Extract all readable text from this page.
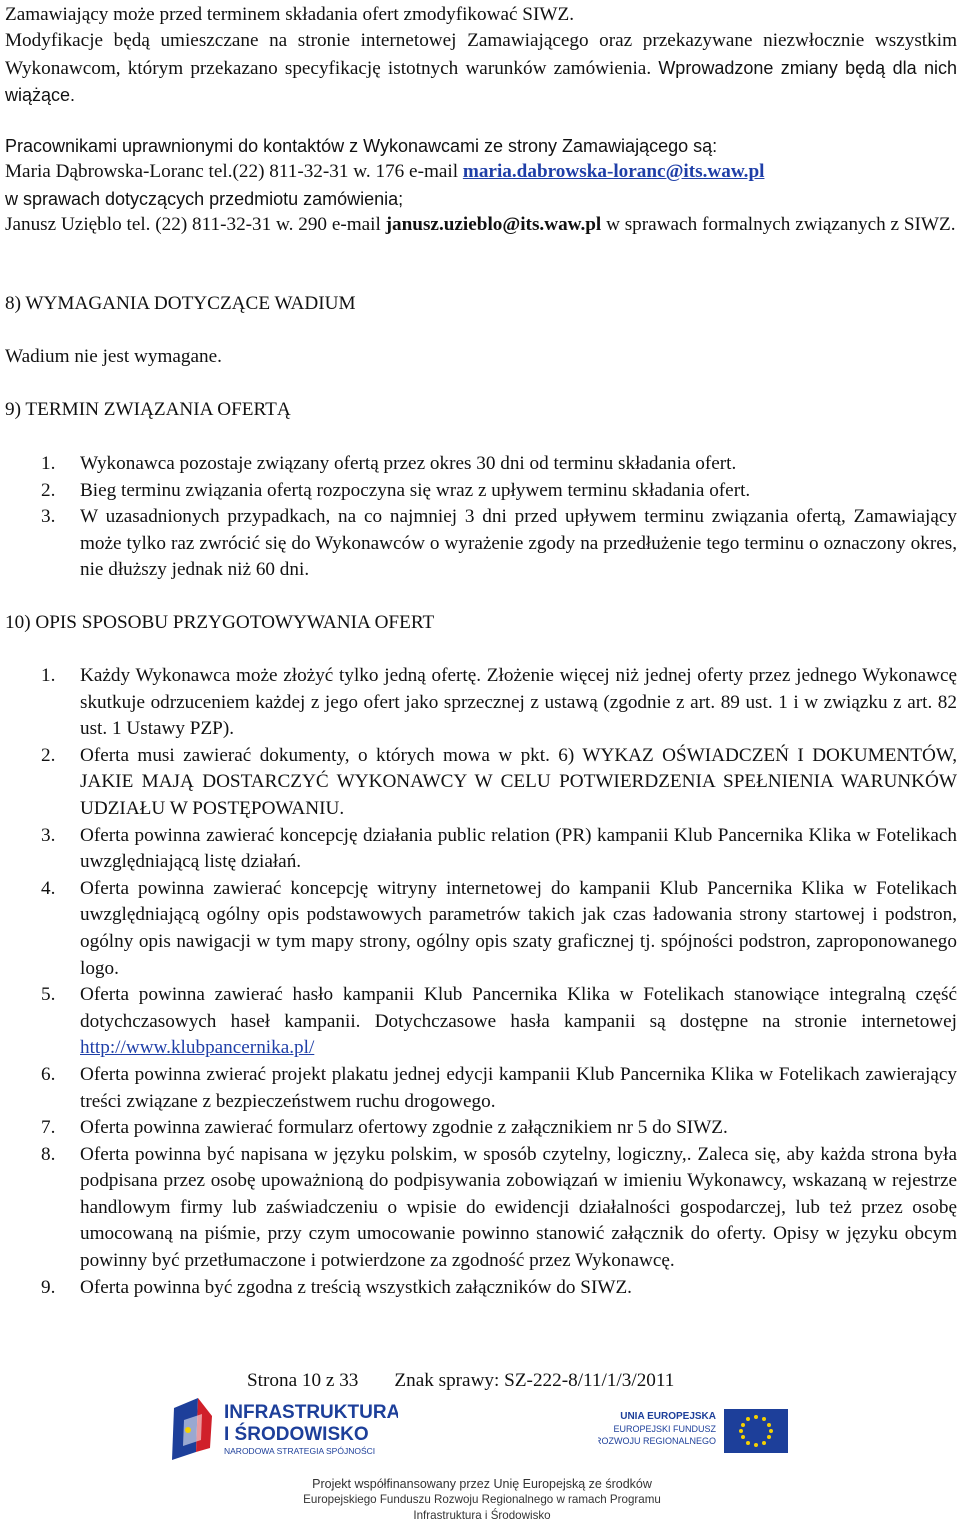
Zamawiający może przed terminem składania ofert zmodyfikować SIWZ.

Modyfikacje będą umieszczane na stronie internetowej Zamawiającego oraz przekazywane niezwłocznie wszystkim Wykonawcom, którym przekazano specyfikację istotnych warunków zamówienia. Wprowadzone zmiany będą dla nich wiążące.

Pracownikami uprawnionymi do kontaktów z Wykonawcami ze strony Zamawiającego są:

Maria Dąbrowska-Loranc tel.(22) 811-32-31 w. 176 e-mail maria.dabrowska-loranc@its.waw.pl

w sprawach dotyczących przedmiotu zamówienia;

Janusz Uzięblo tel. (22) 811-32-31 w. 290 e-mail janusz.uzieblo@its.waw.pl w sprawach formalnych związanych z SIWZ.

8) WYMAGANIA DOTYCZĄCE WADIUM

Wadium nie jest wymagane.

9) TERMIN ZWIĄZANIA OFERTĄ
1. Wykonawca pozostaje związany ofertą przez okres 30 dni od terminu składania ofert.
2. Bieg terminu związania ofertą rozpoczyna się wraz z upływem terminu składania ofert.
3. W uzasadnionych przypadkach, na co najmniej 3 dni przed upływem terminu związania ofertą, Zamawiający może tylko raz zwrócić się do Wykonawców o wyrażenie zgody na przedłużenie tego terminu o oznaczony okres, nie dłuższy jednak niż 60 dni.
10) OPIS SPOSOBU PRZYGOTOWYWANIA OFERT
1. Każdy Wykonawca może złożyć tylko jedną ofertę. Złożenie więcej niż jednej oferty przez jednego Wykonawcę skutkuje odrzuceniem każdej z jego ofert jako sprzecznej z ustawą (zgodnie z art. 89 ust. 1 i w związku z art. 82 ust. 1 Ustawy PZP).
2. Oferta musi zawierać dokumenty, o których mowa w pkt. 6) WYKAZ OŚWIADCZEŃ I DOKUMENTÓW, JAKIE MAJĄ DOSTARCZYĆ WYKONAWCY W CELU POTWIERDZENIA SPEŁNIENIA WARUNKÓW UDZIAŁU W POSTĘPOWANIU.
3. Oferta powinna zawierać koncepcję działania public relation (PR) kampanii Klub Pancernika Klika w Fotelikach uwzględniającą listę działań.
4. Oferta powinna zawierać koncepcję witryny internetowej do kampanii Klub Pancernika Klika w Fotelikach uwzględniającą ogólny opis podstawowych parametrów takich jak czas ładowania strony startowej i podstron, ogólny opis nawigacji w tym mapy strony, ogólny opis szaty graficznej tj. spójności podstron, zaproponowanego logo.
5. Oferta powinna zawierać hasło kampanii Klub Pancernika Klika w Fotelikach stanowiące integralną część dotychczasowych haseł kampanii. Dotychczasowe hasła kampanii są dostępne na stronie internetowej http://www.klubpancernika.pl/
6. Oferta powinna zwierać projekt plakatu jednej edycji kampanii Klub Pancernika Klika w Fotelikach zawierający treści związane z bezpieczeństwem ruchu drogowego.
7. Oferta powinna zawierać formularz ofertowy zgodnie z załącznikiem nr 5 do SIWZ.
8. Oferta powinna być napisana w języku polskim, w sposób czytelny, logiczny,. Zaleca się, aby każda strona była podpisana przez osobę upoważnioną do podpisywania zobowiązań w imieniu Wykonawcy, wskazaną w rejestrze handlowym firmy lub zaświadczeniu o wpisie do ewidencji działalności gospodarczej, lub też przez osobę umocowaną na piśmie, przy czym umocowanie powinno stanowić załącznik do oferty. Opisy w języku obcym powinny być przetłumaczone i potwierdzone za zgodność przez Wykonawcę.
9. Oferta powinna być zgodna z treścią wszystkich załączników do SIWZ.
Strona 10 z 33 Znak sprawy: SZ-222-8/11/1/3/2011
INFRASTRUKTURA
I ŚRODOWISKO
NARODOWA STRATEGIA SPÓJNOŚCI
UNIA EUROPEJSKA
EUROPEJSKI FUNDUSZ
ROZWOJU REGIONALNEGO
Projekt współfinansowany przez Unię Europejską ze środków
Europejskiego Funduszu Rozwoju Regionalnego w ramach Programu Infrastruktura i Środowisko
